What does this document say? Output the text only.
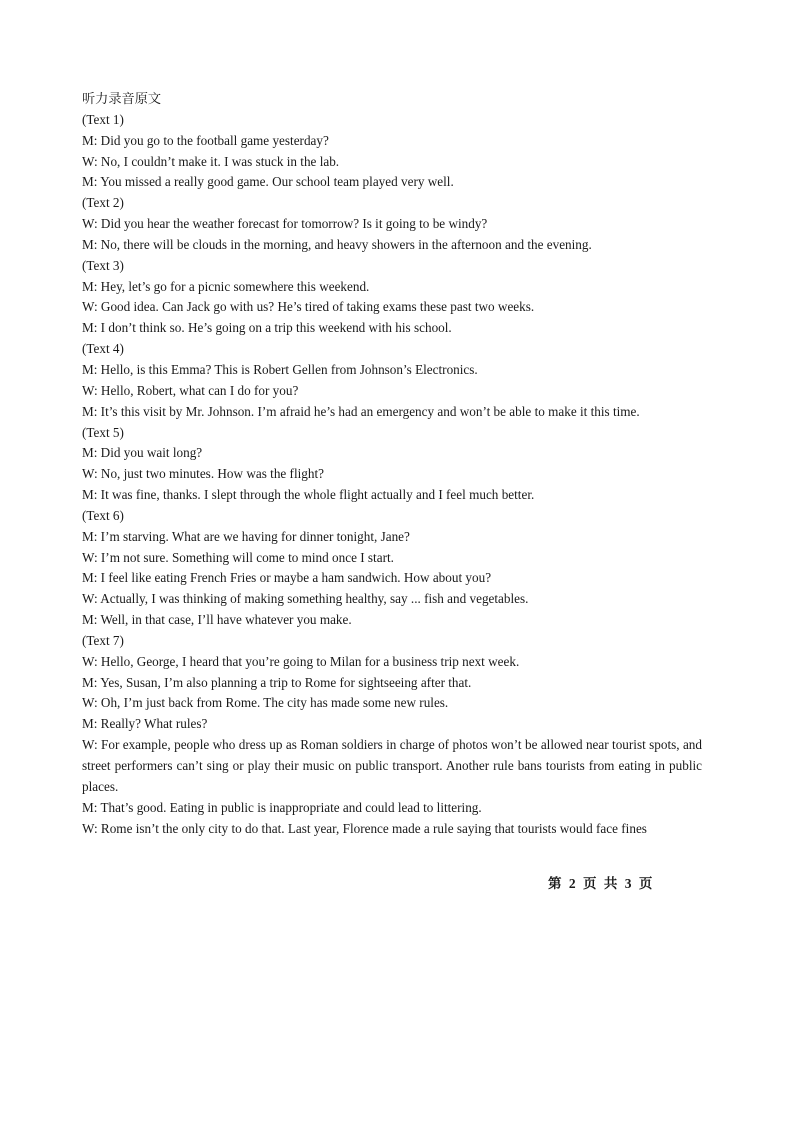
听力录音原文
(Text 1)
M: Did you go to the football game yesterday?
W: No, I couldn’t make it. I was stuck in the lab.
M: You missed a really good game. Our school team played very well.
(Text 2)
W: Did you hear the weather forecast for tomorrow? Is it going to be windy?
M: No, there will be clouds in the morning, and heavy showers in the afternoon and the evening.
(Text 3)
M: Hey, let’s go for a picnic somewhere this weekend.
W: Good idea. Can Jack go with us? He’s tired of taking exams these past two weeks.
M: I don’t think so. He’s going on a trip this weekend with his school.
(Text 4)
M: Hello, is this Emma? This is Robert Gellen from Johnson’s Electronics.
W: Hello, Robert, what can I do for you?
M: It’s this visit by Mr. Johnson. I’m afraid he’s had an emergency and won’t be able to make it this time.
(Text 5)
M: Did you wait long?
W: No, just two minutes. How was the flight?
M: It was fine, thanks. I slept through the whole flight actually and I feel much better.
(Text 6)
M: I’m starving. What are we having for dinner tonight, Jane?
W: I’m not sure. Something will come to mind once I start.
M: I feel like eating French Fries or maybe a ham sandwich. How about you?
W: Actually, I was thinking of making something healthy, say ... fish and vegetables.
M: Well, in that case, I’ll have whatever you make.
(Text 7)
W: Hello, George, I heard that you’re going to Milan for a business trip next week.
M: Yes, Susan, I’m also planning a trip to Rome for sightseeing after that.
W: Oh, I’m just back from Rome. The city has made some new rules.
M: Really? What rules?
W: For example, people who dress up as Roman soldiers in charge of photos won’t be allowed near tourist spots, and street performers can’t sing or play their music on public transport. Another rule bans tourists from eating in public places.
M: That’s good. Eating in public is inappropriate and could lead to littering.
W: Rome isn’t the only city to do that. Last year, Florence made a rule saying that tourists would face fines
第 2 页 共 3 页
